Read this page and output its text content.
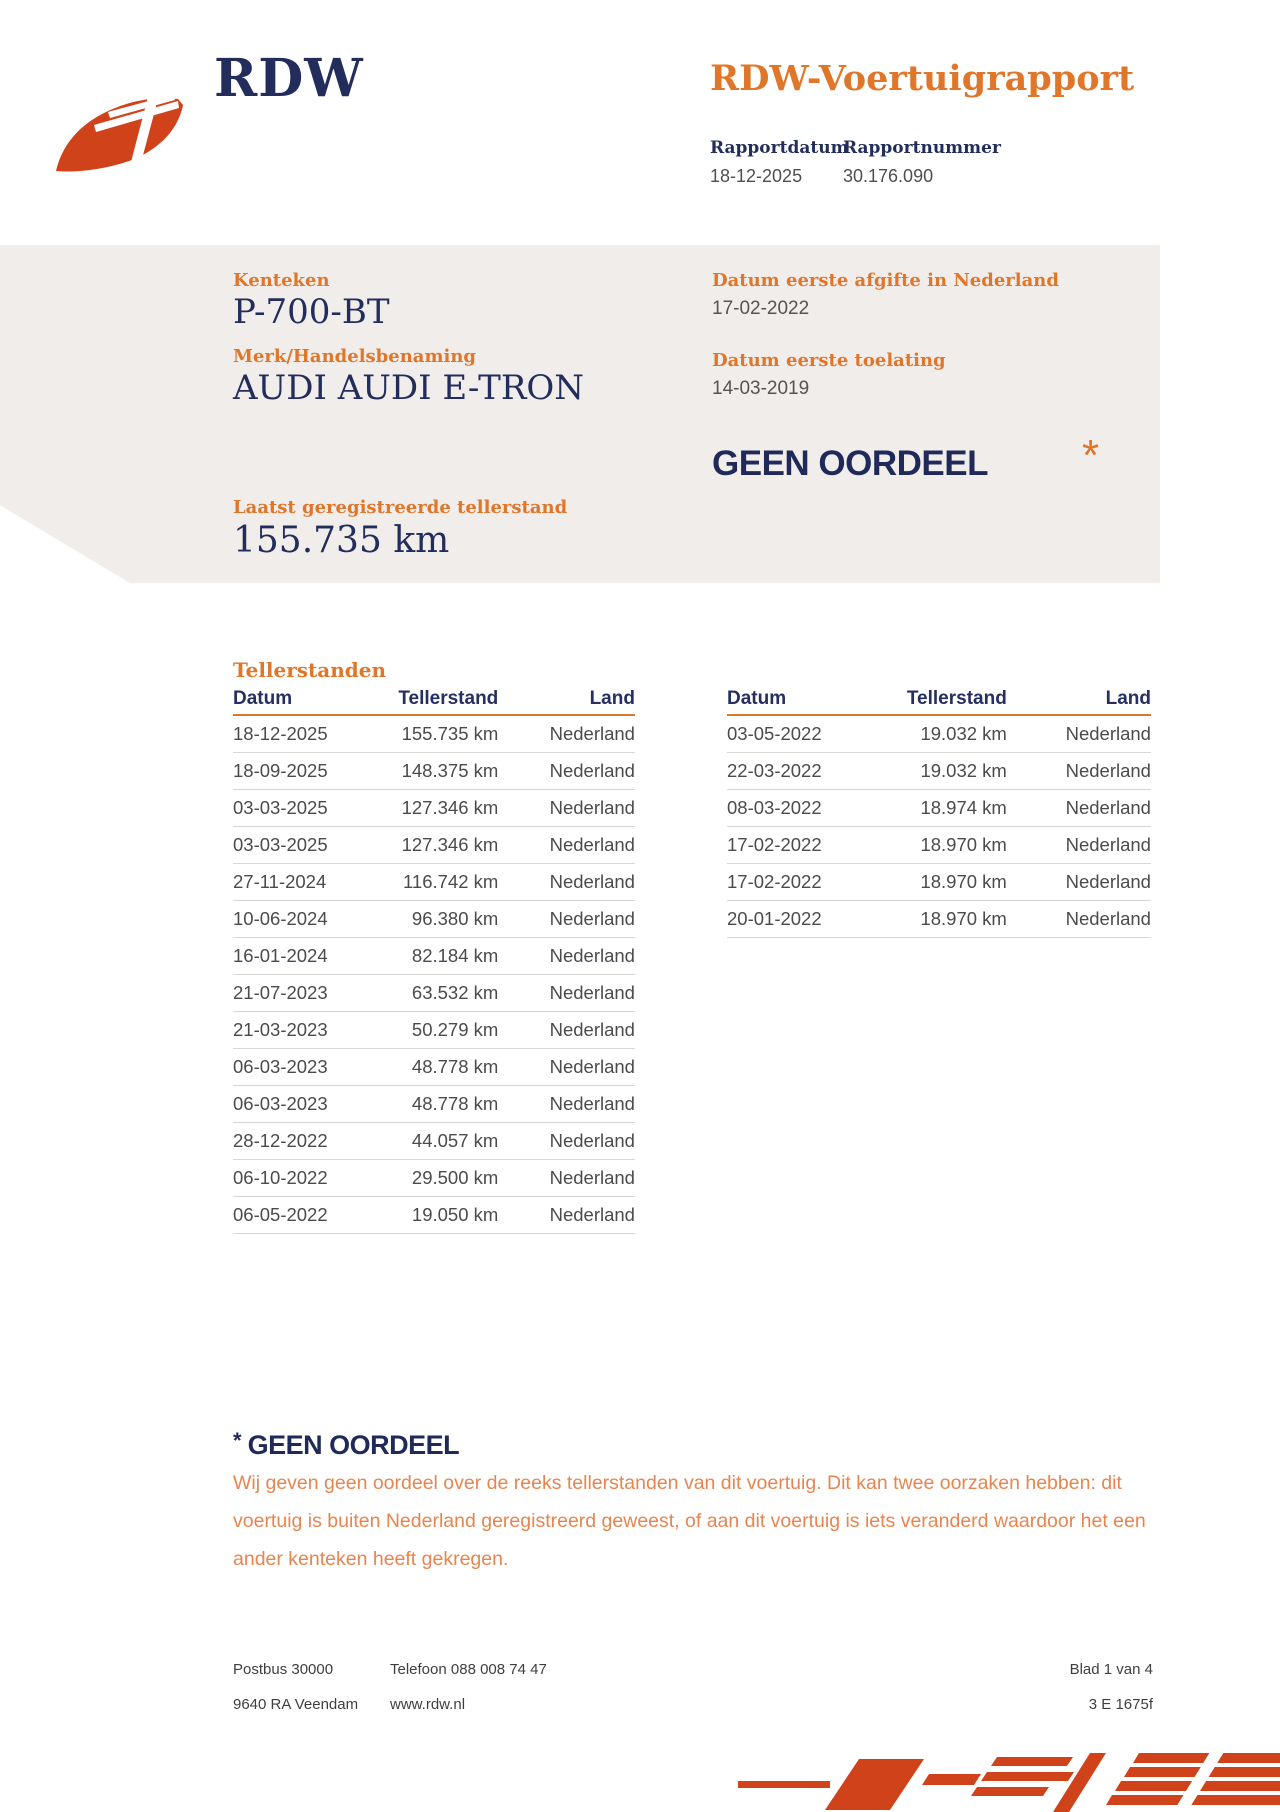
RDW	RDW-Voertuigrapport
Rapportdatum
18-12-2025
Rapportnummer
30.176.090
Kenteken
P-700-BT
Merk/Handelsbenaming
AUDI AUDI E-TRON
Datum eerste afgifte in Nederland
17-02-2022
Datum eerste toelating
14-03-2019
GEEN OORDEEL *
Laatst geregistreerde tellerstand
155.735 km
Tellerstanden
Datum	Tellerstand	Land
18-12-2025	155.735 km	Nederland
18-09-2025	148.375 km	Nederland
03-03-2025	127.346 km	Nederland
03-03-2025	127.346 km	Nederland
27-11-2024	116.742 km	Nederland
10-06-2024	96.380 km	Nederland
16-01-2024	82.184 km	Nederland
21-07-2023	63.532 km	Nederland
21-03-2023	50.279 km	Nederland
06-03-2023	48.778 km	Nederland
06-03-2023	48.778 km	Nederland
28-12-2022	44.057 km	Nederland
06-10-2022	29.500 km	Nederland
06-05-2022	19.050 km	Nederland
Datum	Tellerstand	Land
03-05-2022	19.032 km	Nederland
22-03-2022	19.032 km	Nederland
08-03-2022	18.974 km	Nederland
17-02-2022	18.970 km	Nederland
17-02-2022	18.970 km	Nederland
20-01-2022	18.970 km	Nederland
* GEEN OORDEEL
Wij geven geen oordeel over de reeks tellerstanden van dit voertuig. Dit kan twee oorzaken hebben: dit voertuig is buiten Nederland geregistreerd geweest, of aan dit voertuig is iets veranderd waardoor het een ander kenteken heeft gekregen.
Postbus 30000	Telefoon 088 008 74 47	Blad 1 van 4
9640 RA Veendam www.rdw.nl	3 E 1675f
